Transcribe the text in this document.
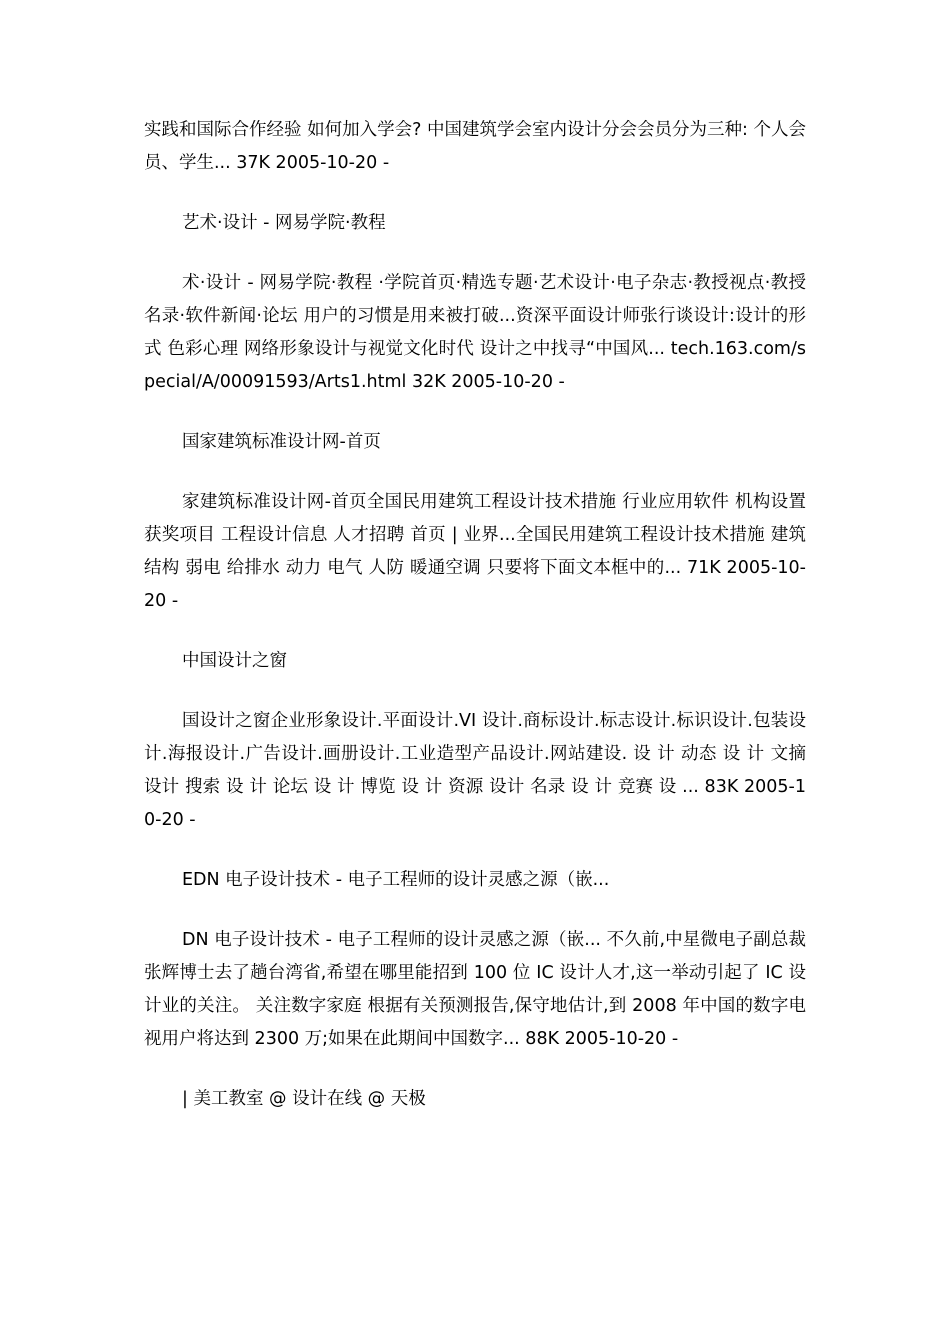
实践和国际合作经验 如何加入学会? 中国建筑学会室内设计分会会员分为三种: 个人会员、学生... 37K 2005-10-20 -

艺术·设计 - 网易学院·教程

术·设计 - 网易学院·教程 ·学院首页·精选专题·艺术设计·电子杂志·教授视点·教授名录·软件新闻·论坛 用户的习惯是用来被打破...资深平面设计师张行谈设计:设计的形式 色彩心理 网络形象设计与视觉文化时代 设计之中找寻“中国风... tech.163.com/special/A/00091593/Arts1.html 32K 2005-10-20 -

国家建筑标准设计网-首页

家建筑标准设计网-首页全国民用建筑工程设计技术措施 行业应用软件 机构设置 获奖项目 工程设计信息 人才招聘 首页 | 业界...全国民用建筑工程设计技术措施 建筑 结构 弱电 给排水 动力 电气 人防 暖通空调 只要将下面文本框中的... 71K 2005-10-20 -

中国设计之窗

国设计之窗企业形象设计.平面设计.VI 设计.商标设计.标志设计.标识设计.包装设计.海报设计.广告设计.画册设计.工业造型产品设计.网站建设. 设 计 动态 设 计 文摘 设计 搜索 设 计 论坛 设 计 博览 设 计 资源 设计 名录 设 计 竞赛 设 ... 83K 2005-10-20 -

EDN 电子设计技术 - 电子工程师的设计灵感之源（嵌...

DN 电子设计技术 - 电子工程师的设计灵感之源（嵌... 不久前,中星微电子副总裁张辉博士去了趟台湾省,希望在哪里能招到 100 位 IC 设计人才,这一举动引起了 IC 设计业的关注。 关注数字家庭 根据有关预测报告,保守地估计,到 2008 年中国的数字电视用户将达到 2300 万;如果在此期间中国数字... 88K 2005-10-20 -

| 美工教室 @ 设计在线 @ 天极
